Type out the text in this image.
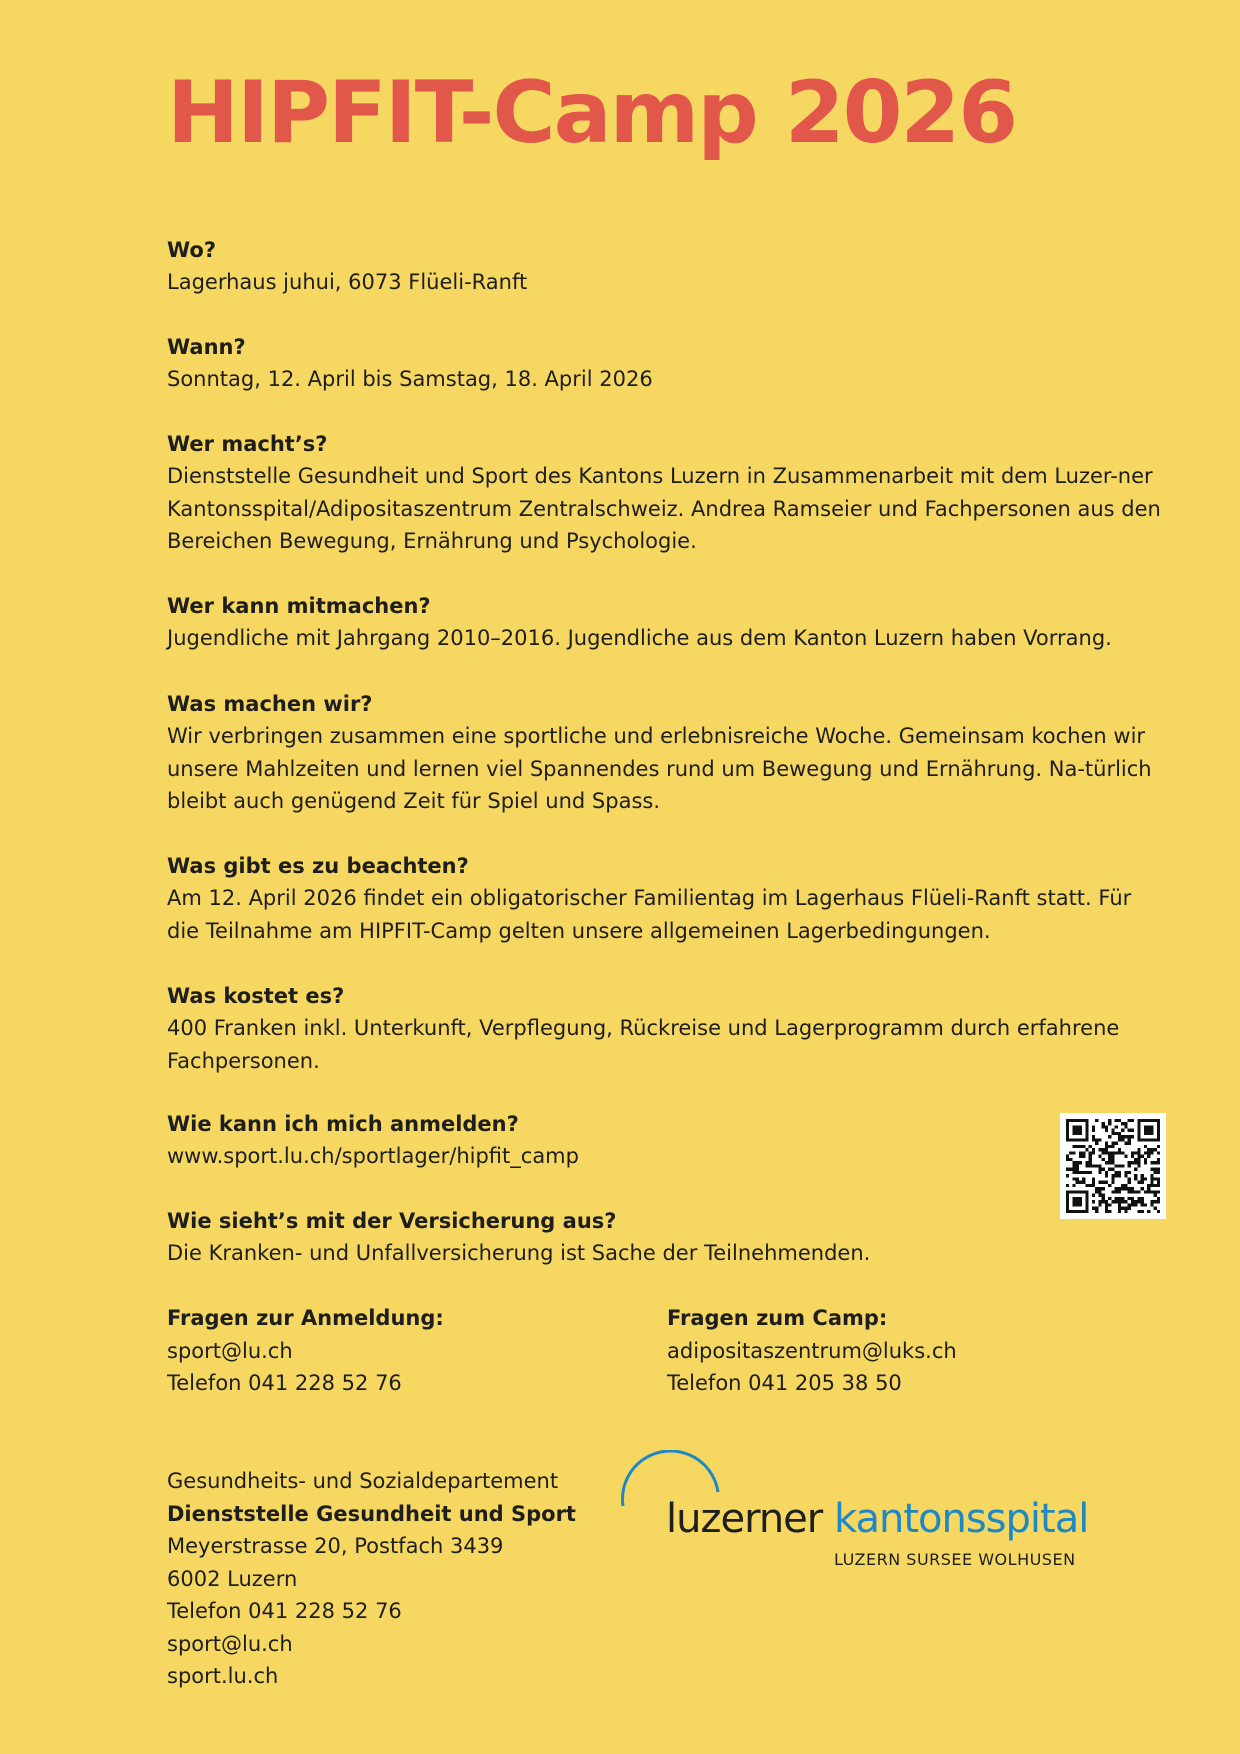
HIPFIT-Camp 2026
Wo?
Lagerhaus juhui, 6073 Flüeli-Ranft
Wann?
Sonntag, 12. April bis Samstag, 18. April 2026
Wer macht’s?
Dienststelle Gesundheit und Sport des Kantons Luzern in Zusammenarbeit mit dem Luzer-ner Kantonsspital/Adipositaszentrum Zentralschweiz. Andrea Ramseier und Fachpersonen aus den Bereichen Bewegung, Ernährung und Psychologie.
Wer kann mitmachen?
Jugendliche mit Jahrgang 2010–2016. Jugendliche aus dem Kanton Luzern haben Vorrang.
Was machen wir?
Wir verbringen zusammen eine sportliche und erlebnisreiche Woche. Gemeinsam kochen wir unsere Mahlzeiten und lernen viel Spannendes rund um Bewegung und Ernährung. Na-türlich bleibt auch genügend Zeit für Spiel und Spass.
Was gibt es zu beachten?
Am 12. April 2026 findet ein obligatorischer Familientag im Lagerhaus Flüeli-Ranft statt. Für die Teilnahme am HIPFIT-Camp gelten unsere allgemeinen Lagerbedingungen.
Was kostet es?
400 Franken inkl. Unterkunft, Verpflegung, Rückreise und Lagerprogramm durch erfahrene Fachpersonen.
Wie kann ich mich anmelden?
www.sport.lu.ch/sportlager/hipfit_camp
Wie sieht’s mit der Versicherung aus?
Die Kranken- und Unfallversicherung ist Sache der Teilnehmenden.
Fragen zur Anmeldung:
sport@lu.ch
Telefon 041 228 52 76
Fragen zum Camp:
adipositaszentrum@luks.ch
Telefon 041 205 38 50
Gesundheits- und Sozialdepartement
Dienststelle Gesundheit und Sport
Meyerstrasse 20, Postfach 3439
6002 Luzern
Telefon 041 228 52 76
sport@lu.ch
sport.lu.ch
luzerner kantonsspital
LUZERN SURSEE WOLHUSEN
